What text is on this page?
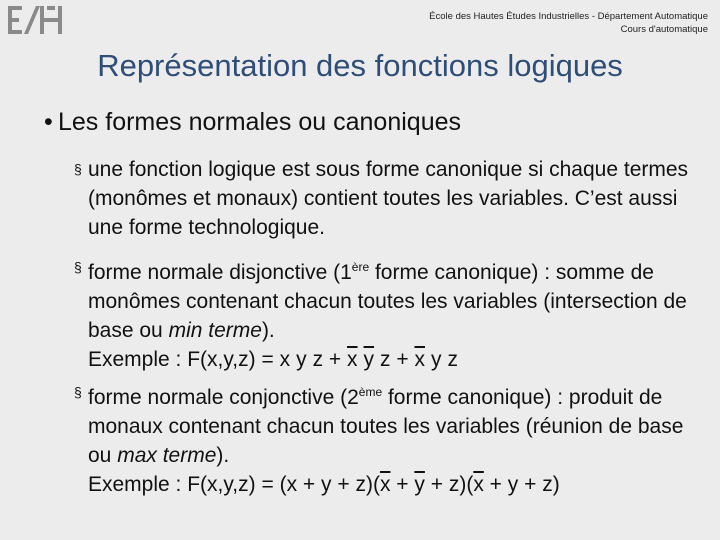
École des Hautes Études Industrielles - Département Automatique
Cours d'automatique
Représentation des fonctions logiques
• Les formes normales ou canoniques
§ une fonction logique est sous forme canonique si chaque termes (monômes et monaux) contient toutes les variables. C’est aussi une forme technologique.
§ forme normale disjonctive (1ère forme canonique) : somme de monômes contenant chacun toutes les variables (intersection de base ou min terme).
Exemple : F(x,y,z) = x y $z + \overline{x}$ $\overline{y}$ $z + \overline{x}$ y z
§ forme normale conjonctive (2ème forme canonique) : produit de monaux contenant chacun toutes les variables (réunion de base ou max terme).
Exemple : $F(x,y,z) = (x + y + z)(\overline{x} + \overline{y} + z)(\overline{x} + y + z)$
